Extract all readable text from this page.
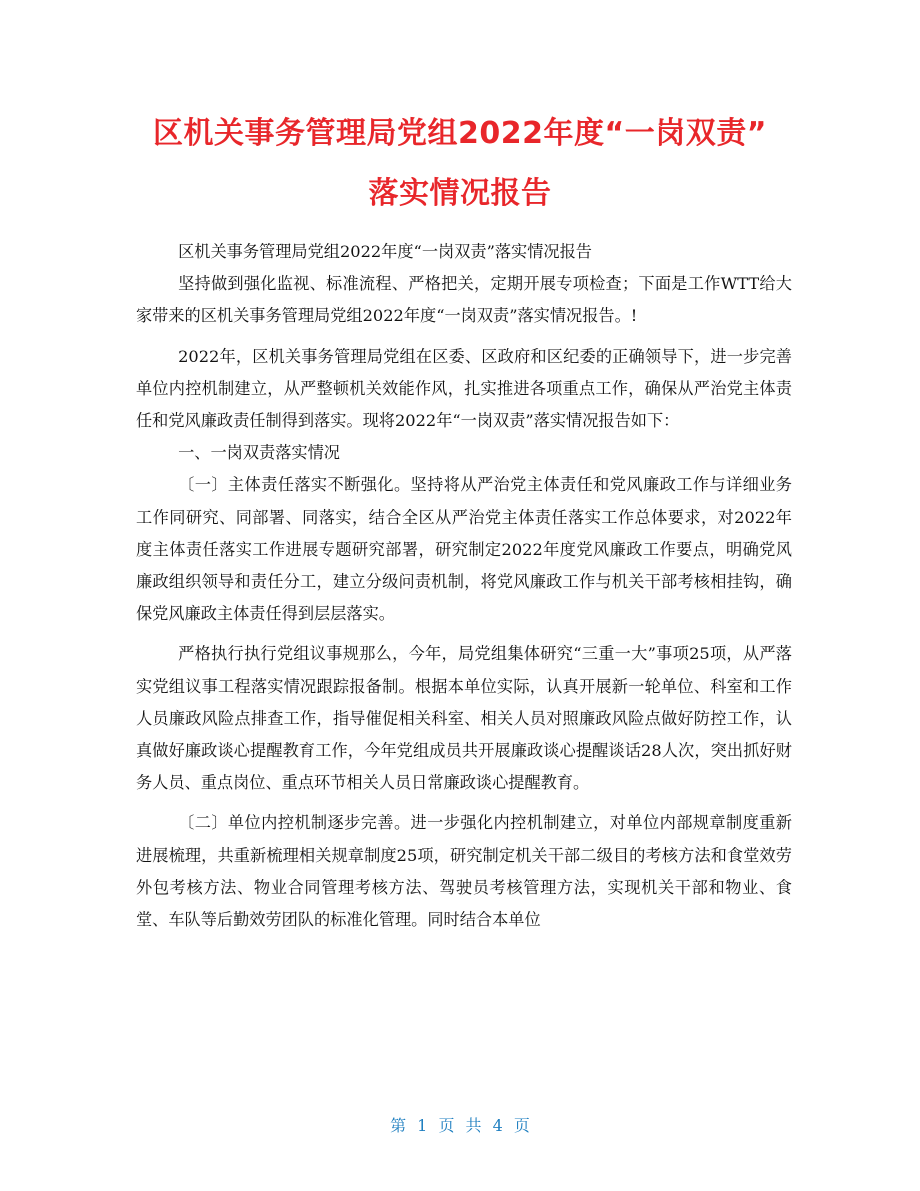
区机关事务管理局党组2022年度“一岗双责”
落实情况报告

区机关事务管理局党组2022年度“一岗双责”落实情况报告

坚持做到强化监视、标准流程、严格把关，定期开展专项检查；下面是工作WTT给大家带来的区机关事务管理局党组2022年度“一岗双责”落实情况报告。!

2022年，区机关事务管理局党组在区委、区政府和区纪委的正确领导下，进一步完善单位内控机制建立，从严整顿机关效能作风，扎实推进各项重点工作，确保从严治党主体责任和党风廉政责任制得到落实。现将2022年“一岗双责”落实情况报告如下：

一、一岗双责落实情况

〔一〕主体责任落实不断强化。坚持将从严治党主体责任和党风廉政工作与详细业务工作同研究、同部署、同落实，结合全区从严治党主体责任落实工作总体要求，对2022年度主体责任落实工作进展专题研究部署，研究制定2022年度党风廉政工作要点，明确党风廉政组织领导和责任分工，建立分级问责机制，将党风廉政工作与机关干部考核相挂钩，确保党风廉政主体责任得到层层落实。

严格执行执行党组议事规那么，今年，局党组集体研究“三重一大”事项25项，从严落实党组议事工程落实情况跟踪报备制。根据本单位实际，认真开展新一轮单位、科室和工作人员廉政风险点排查工作，指导催促相关科室、相关人员对照廉政风险点做好防控工作，认真做好廉政谈心提醒教育工作，今年党组成员共开展廉政谈心提醒谈话28人次，突出抓好财务人员、重点岗位、重点环节相关人员日常廉政谈心提醒教育。

〔二〕单位内控机制逐步完善。进一步强化内控机制建立，对单位内部规章制度重新进展梳理，共重新梳理相关规章制度25项，研究制定机关干部二级目的考核方法和食堂效劳外包考核方法、物业合同管理考核方法、驾驶员考核管理方法，实现机关干部和物业、食堂、车队等后勤效劳团队的标准化管理。同时结合本单位

第 1 页 共 4 页
